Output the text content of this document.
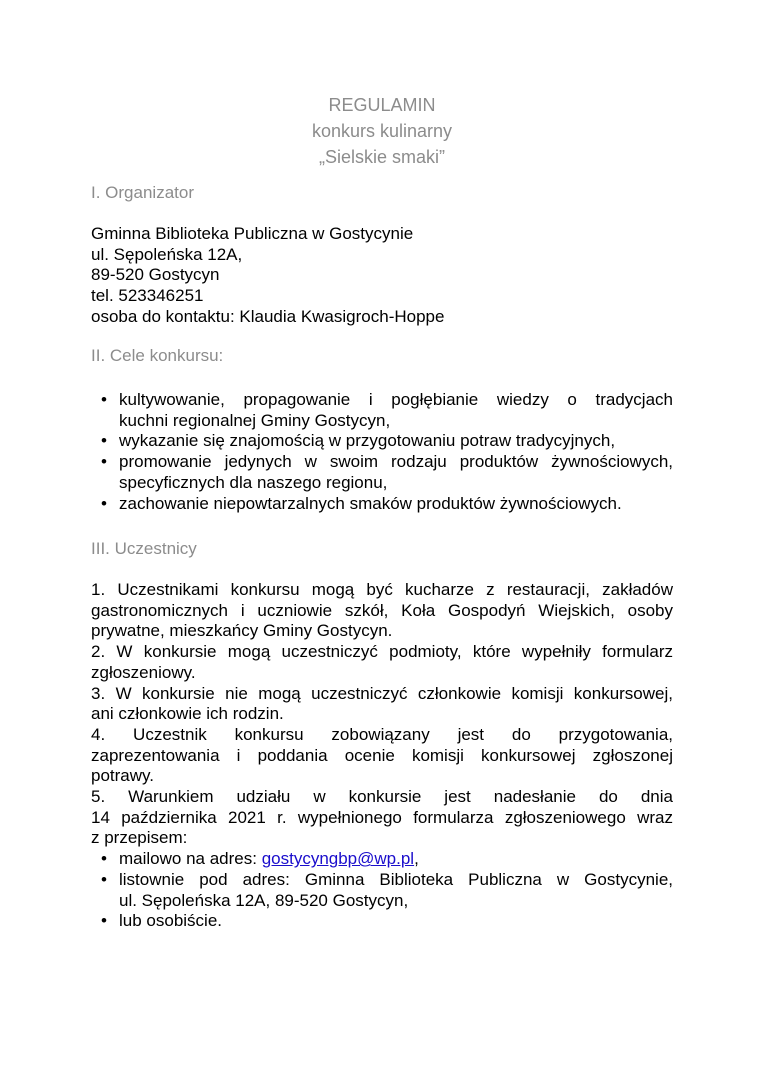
REGULAMIN
konkurs kulinarny
„Sielskie smaki”
I. Organizator
Gminna Biblioteka Publiczna w Gostycynie
ul. Sępoleńska 12A,
89-520 Gostycyn
tel. 523346251
osoba do kontaktu: Klaudia Kwasigroch-Hoppe
II. Cele konkursu:
• kultywowanie, propagowanie i pogłębianie wiedzy o tradycjach
kuchni regionalnej Gminy Gostycyn,
• wykazanie się znajomością w przygotowaniu potraw tradycyjnych,
• promowanie jedynych w swoim rodzaju produktów żywnościowych,
specyficznych dla naszego regionu,
• zachowanie niepowtarzalnych smaków produktów żywnościowych.
III. Uczestnicy
1. Uczestnikami konkursu mogą być kucharze z restauracji, zakładów
gastronomicznych i uczniowie szkół, Koła Gospodyń Wiejskich, osoby
prywatne, mieszkańcy Gminy Gostycyn.
2. W konkursie mogą uczestniczyć podmioty, które wypełniły formularz
zgłoszeniowy.
3. W konkursie nie mogą uczestniczyć członkowie komisji konkursowej,
ani członkowie ich rodzin.
4. Uczestnik konkursu zobowiązany jest do przygotowania,
zaprezentowania i poddania ocenie komisji konkursowej zgłoszonej
potrawy.
5. Warunkiem udziału w konkursie jest nadesłanie do dnia
14 października 2021 r. wypełnionego formularza zgłoszeniowego wraz
z przepisem:
• mailowo na adres: gostycyngbp@wp.pl,
• listownie pod adres: Gminna Biblioteka Publiczna w Gostycynie,
ul. Sępoleńska 12A, 89-520 Gostycyn,
• lub osobiście.
